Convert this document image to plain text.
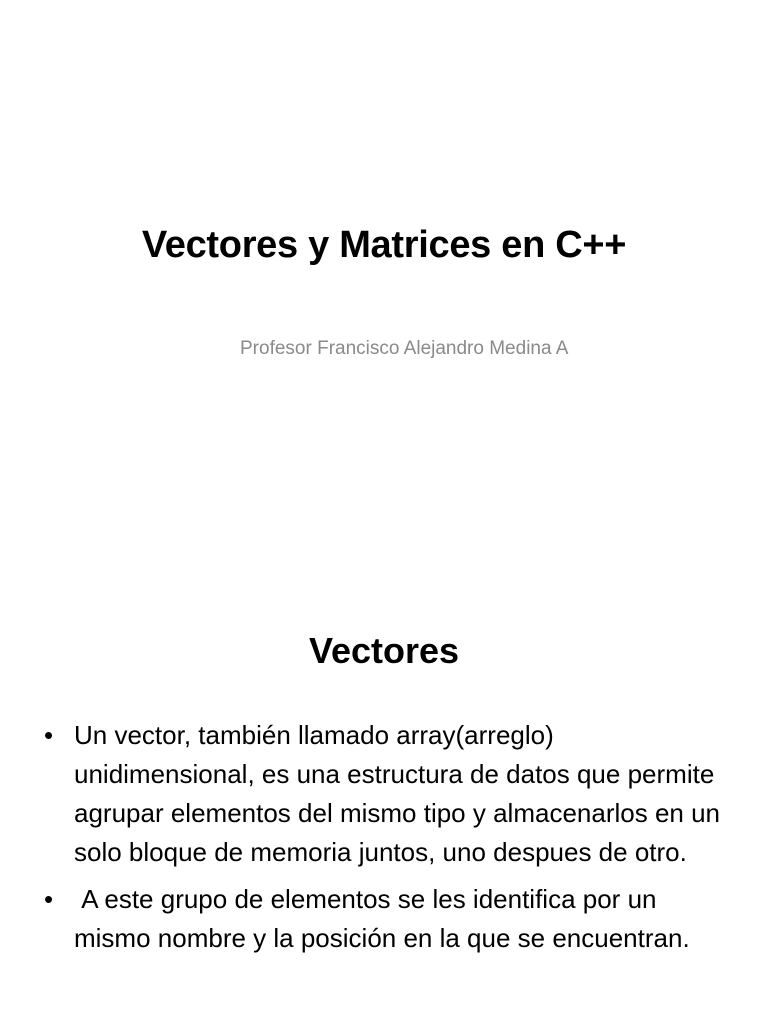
Vectores y Matrices en C++
Profesor Francisco Alejandro Medina A
Vectores
• Un vector, también llamado array(arreglo) unidimensional, es una estructura de datos que permite agrupar elementos del mismo tipo y almacenarlos en un solo bloque de memoria juntos, uno despues de otro.
• A este grupo de elementos se les identifica por un mismo nombre y la posición en la que se encuentran.
